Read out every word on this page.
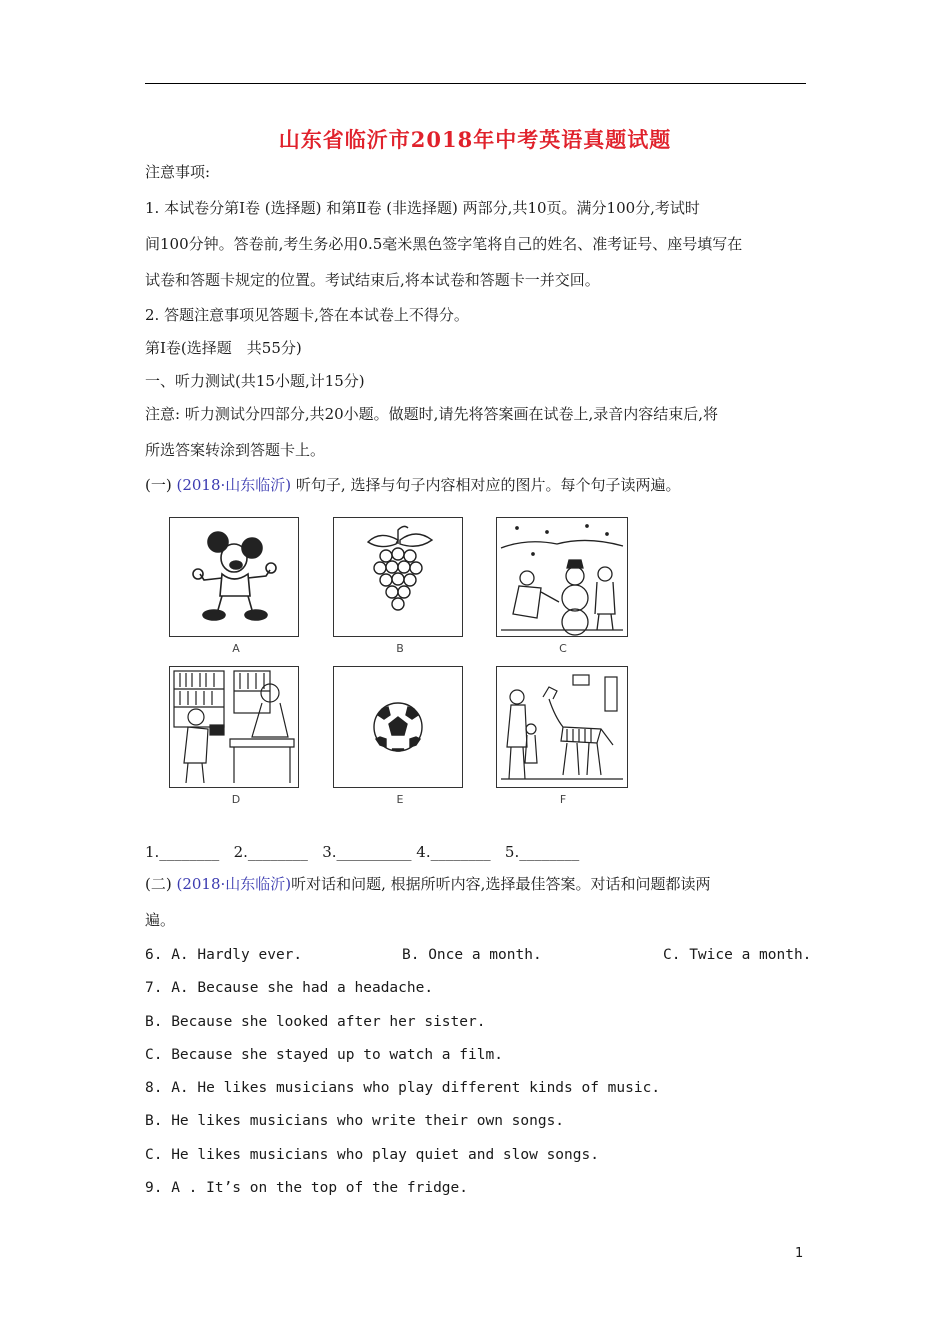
山东省临沂市2018年中考英语真题试题
注意事项:
1. 本试卷分第Ⅰ卷 (选择题) 和第Ⅱ卷 (非选择题) 两部分,共10页。满分100分,考试时
间100分钟。答卷前,考生务必用0.5毫米黑色签字笔将自己的姓名、准考证号、座号填写在
试卷和答题卡规定的位置。考试结束后,将本试卷和答题卡一并交回。
2. 答题注意事项见答题卡,答在本试卷上不得分。
第Ⅰ卷(选择题　共55分)
一、听力测试(共15小题,计15分)
注意: 听力测试分四部分,共20小题。做题时,请先将答案画在试卷上,录音内容结束后,将
所选答案转涂到答题卡上。
(一) (2018·山东临沂) 听句子, 选择与句子内容相对应的图片。每个句子读两遍。
A	B	C
D	E	F
1.________   2.________   3.__________ 4.________   5.________
(二) (2018·山东临沂)听对话和问题, 根据所听内容,选择最佳答案。对话和问题都读两
遍。
6. A. Hardly ever.	B. Once a month.	C. Twice a month.
7. A. Because she had a headache.
B. Because she looked after her sister.
C. Because she stayed up to watch a film.
8. A. He likes musicians who play different kinds of music.
B. He likes musicians who write their own songs.
C. He likes musicians who play quiet and slow songs.
9. A . It’s on the top of the fridge.
1
